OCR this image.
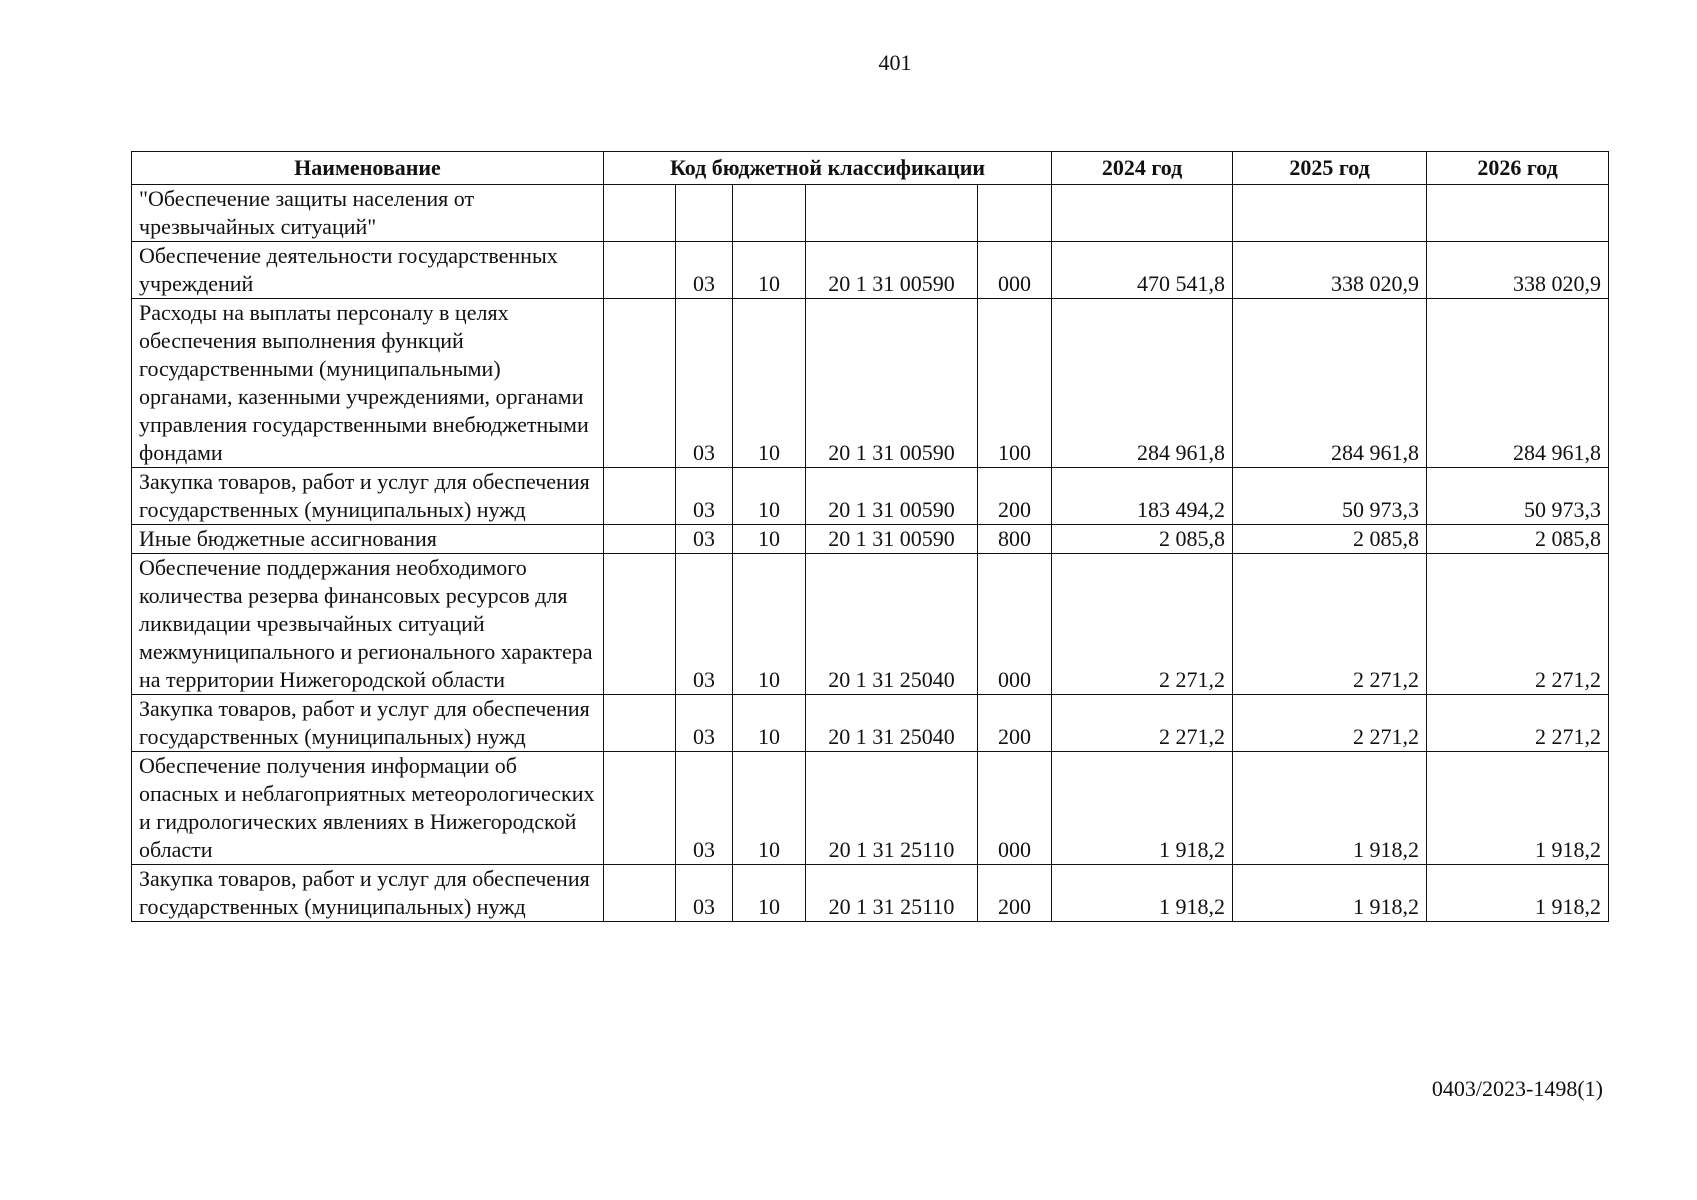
401
Наименование	Код бюджетной классификации					2024 год	2025 год	2026 год
"Обеспечение защиты населения от чрезвычайных ситуаций"								
Обеспечение деятельности государственных учреждений		03	10	20 1 31 00590	000	470 541,8	338 020,9	338 020,9
Расходы на выплаты персоналу в целях обеспечения выполнения функций государственными (муниципальными) органами, казенными учреждениями, органами управления государственными внебюджетными фондами		03	10	20 1 31 00590	100	284 961,8	284 961,8	284 961,8
Закупка товаров, работ и услуг для обеспечения государственных (муниципальных) нужд		03	10	20 1 31 00590	200	183 494,2	50 973,3	50 973,3
Иные бюджетные ассигнования		03	10	20 1 31 00590	800	2 085,8	2 085,8	2 085,8
Обеспечение поддержания необходимого количества резерва финансовых ресурсов для ликвидации чрезвычайных ситуаций межмуниципального и регионального характера на территории Нижегородской области		03	10	20 1 31 25040	000	2 271,2	2 271,2	2 271,2
Закупка товаров, работ и услуг для обеспечения государственных (муниципальных) нужд		03	10	20 1 31 25040	200	2 271,2	2 271,2	2 271,2
Обеспечение получения информации об опасных и неблагоприятных метеорологических и гидрологических явлениях в Нижегородской области		03	10	20 1 31 25110	000	1 918,2	1 918,2	1 918,2
Закупка товаров, работ и услуг для обеспечения государственных (муниципальных) нужд		03	10	20 1 31 25110	200	1 918,2	1 918,2	1 918,2
0403/2023-1498(1)
